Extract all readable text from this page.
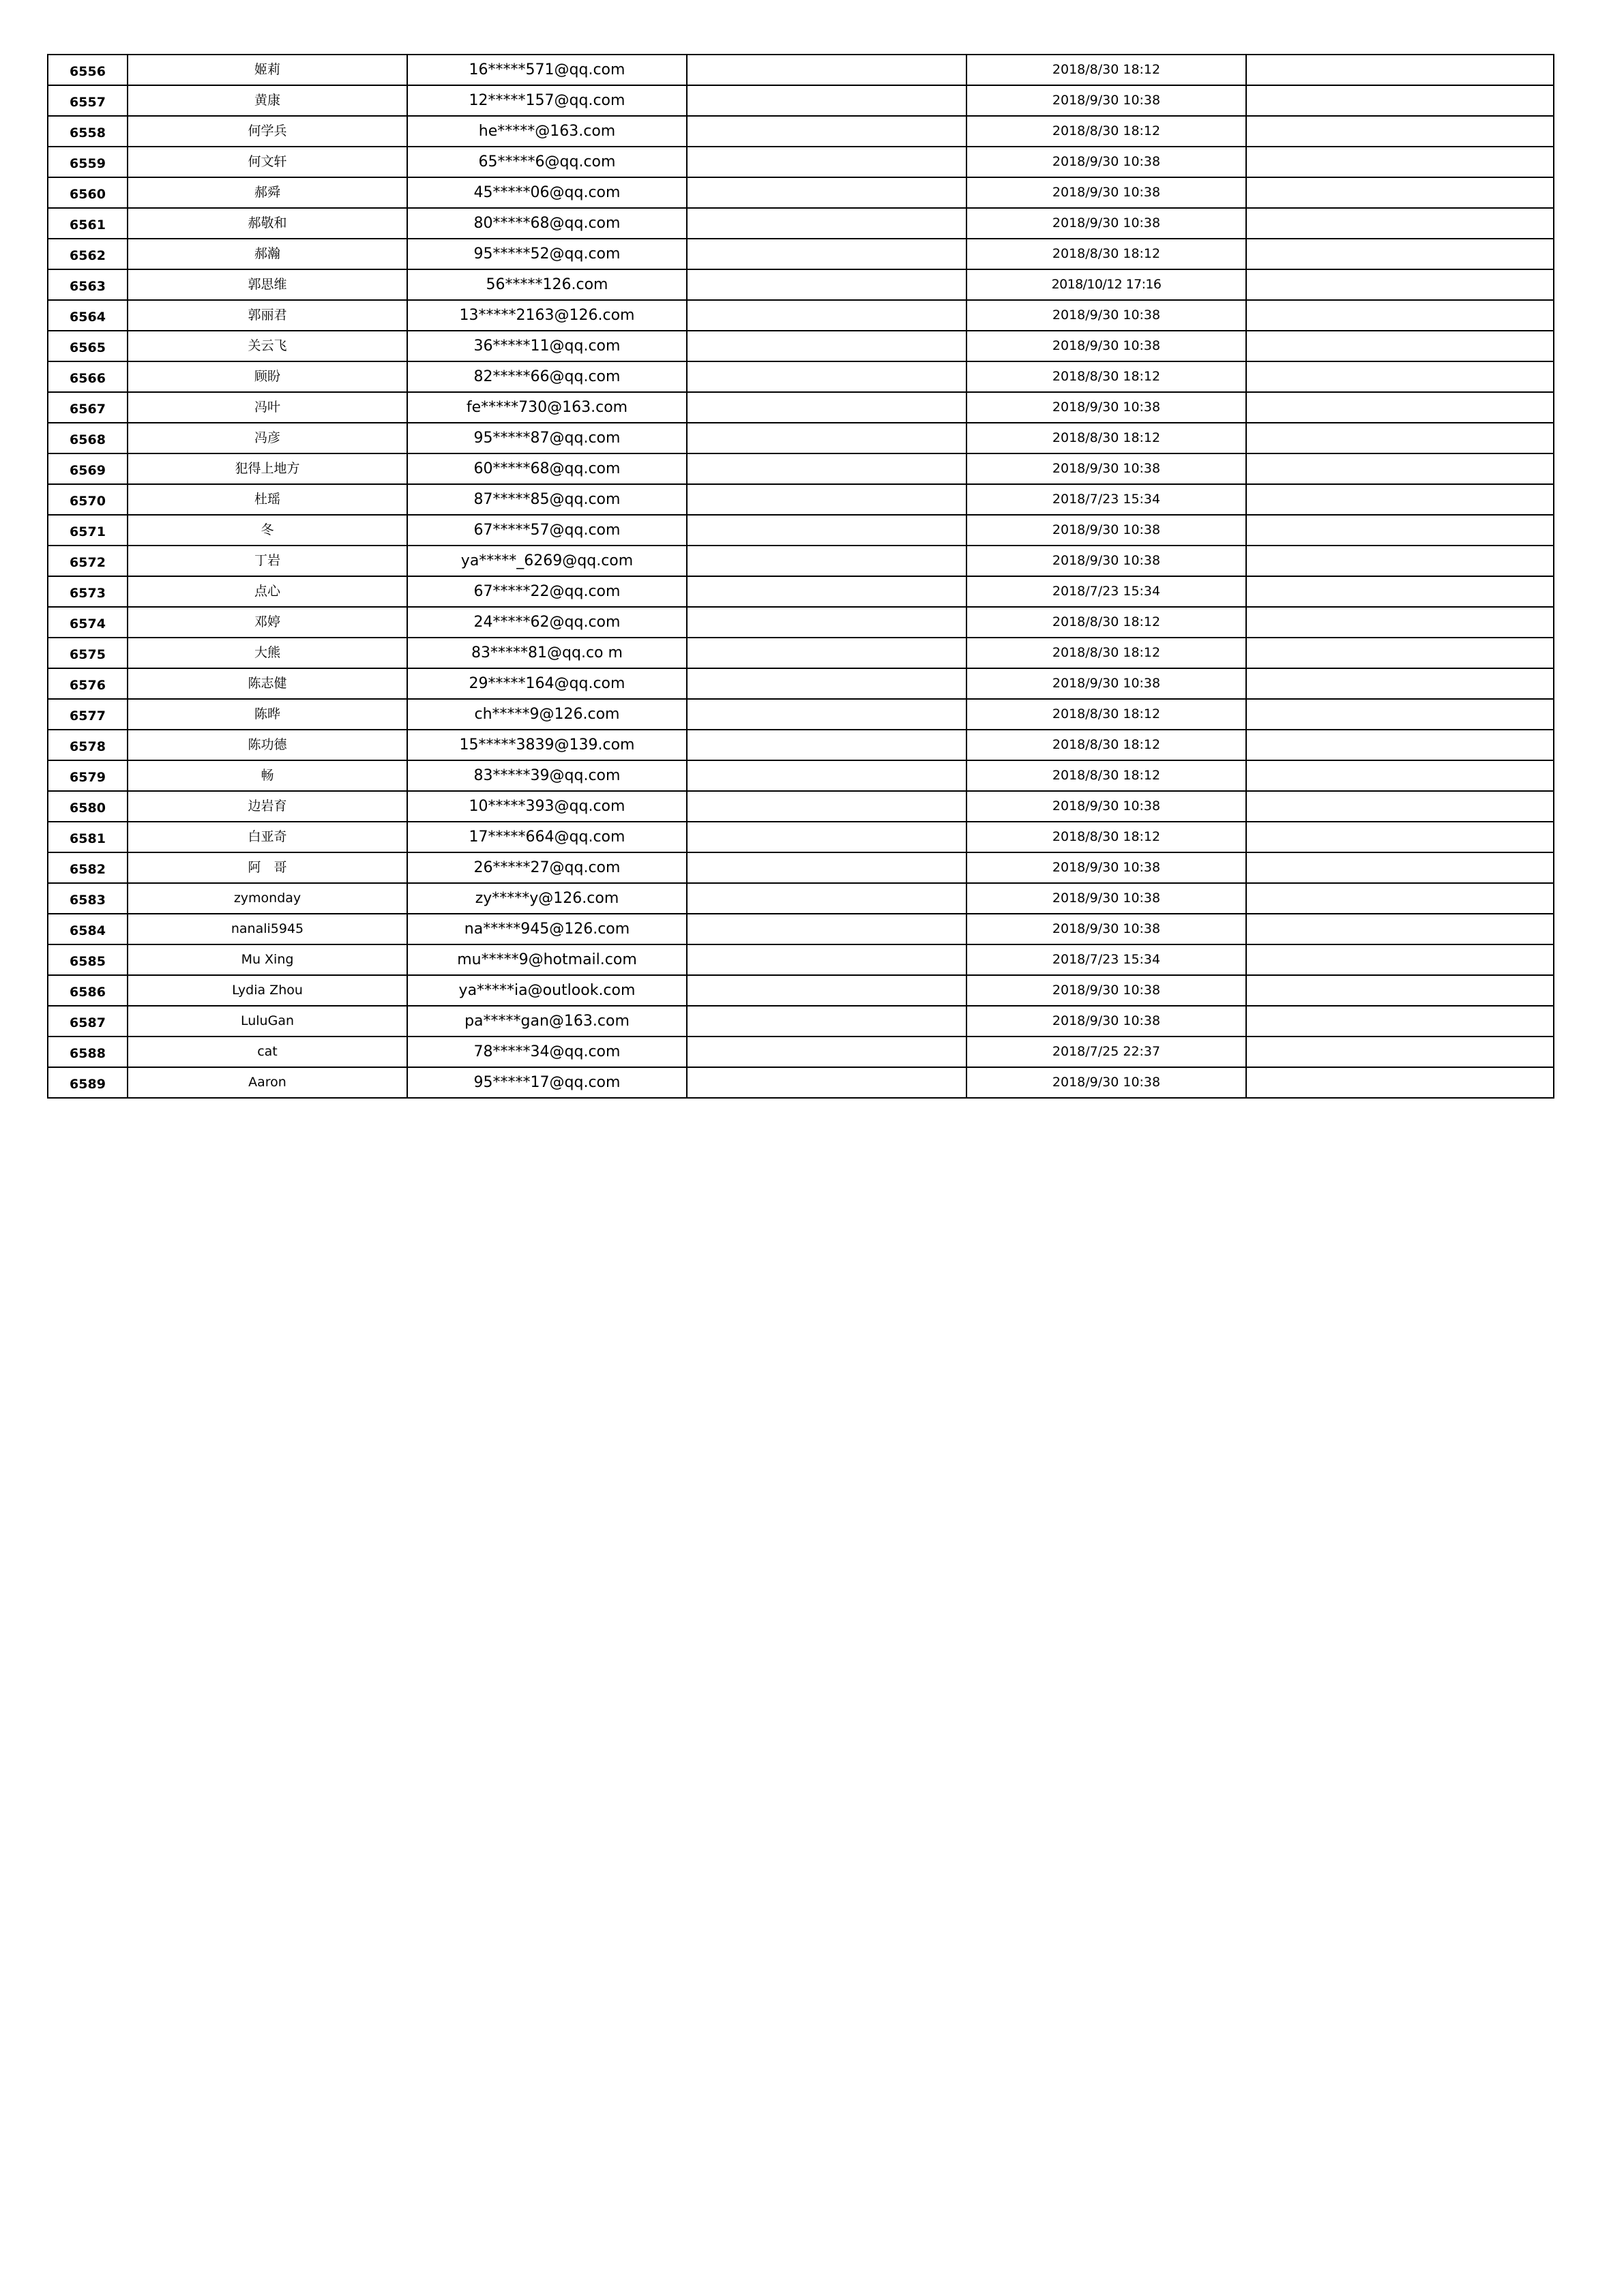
6556	姬莉	16*****571@qq.com		2018/8/30 18:12	
6557	黄康	12*****157@qq.com		2018/9/30 10:38	
6558	何学兵	he*****@163.com		2018/8/30 18:12	
6559	何文轩	65*****6@qq.com		2018/9/30 10:38	
6560	郝舜	45*****06@qq.com		2018/9/30 10:38	
6561	郝敬和	80*****68@qq.com		2018/9/30 10:38	
6562	郝瀚	95*****52@qq.com		2018/8/30 18:12	
6563	郭思维	56*****126.com		2018/10/12 17:16	
6564	郭丽君	13*****2163@126.com		2018/9/30 10:38	
6565	关云飞	36*****11@qq.com		2018/9/30 10:38	
6566	顾盼	82*****66@qq.com		2018/8/30 18:12	
6567	冯叶	fe*****730@163.com		2018/9/30 10:38	
6568	冯彦	95*****87@qq.com		2018/8/30 18:12	
6569	犯得上地方	60*****68@qq.com		2018/9/30 10:38	
6570	杜瑶	87*****85@qq.com		2018/7/23 15:34	
6571	冬	67*****57@qq.com		2018/9/30 10:38	
6572	丁岩	ya*****_6269@qq.com		2018/9/30 10:38	
6573	点心	67*****22@qq.com		2018/7/23 15:34	
6574	邓婷	24*****62@qq.com		2018/8/30 18:12	
6575	大熊	83*****81@qq.co m		2018/8/30 18:12	
6576	陈志健	29*****164@qq.com		2018/9/30 10:38	
6577	陈晔	ch*****9@126.com		2018/8/30 18:12	
6578	陈功德	15*****3839@139.com		2018/8/30 18:12	
6579	畅	83*****39@qq.com		2018/8/30 18:12	
6580	边岩育	10*****393@qq.com		2018/9/30 10:38	
6581	白亚奇	17*****664@qq.com		2018/8/30 18:12	
6582	阿　哥	26*****27@qq.com		2018/9/30 10:38	
6583	zymonday	zy*****y@126.com		2018/9/30 10:38	
6584	nanali5945	na*****945@126.com		2018/9/30 10:38	
6585	Mu Xing	mu*****9@hotmail.com		2018/7/23 15:34	
6586	Lydia Zhou	ya*****ia@outlook.com		2018/9/30 10:38	
6587	LuluGan	pa*****gan@163.com		2018/9/30 10:38	
6588	cat	78*****34@qq.com		2018/7/25 22:37	
6589	Aaron	95*****17@qq.com		2018/9/30 10:38	
